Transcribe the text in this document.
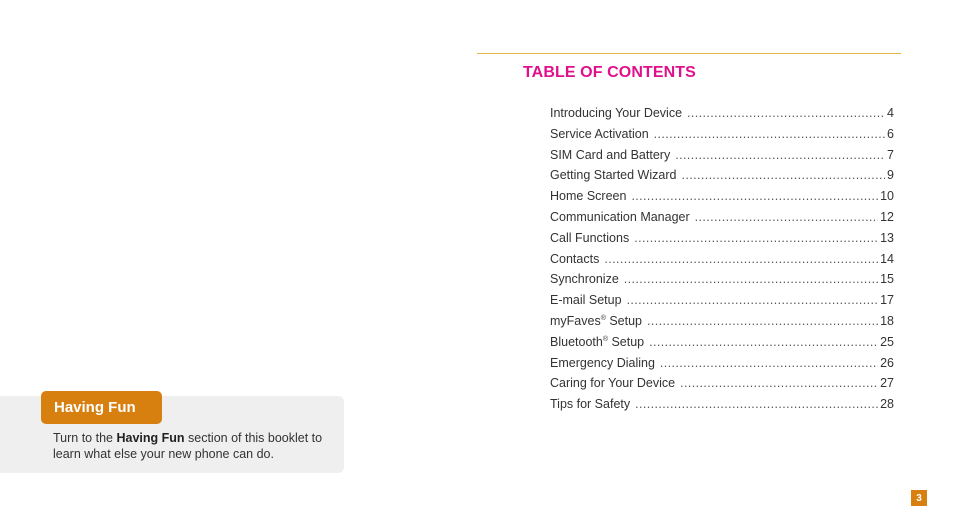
TABLE OF CONTENTS
Introducing Your Device .....	4
Service Activation .....	6
SIM Card and Battery .....	7
Getting Started Wizard .....	9
Home Screen .....	10
Communication Manager .....	12
Call Functions .....	13
Contacts .....	14
Synchronize .....	15
E-mail Setup .....	17
myFaves® Setup .....	18
Bluetooth® Setup .....	25
Emergency Dialing .....	26
Caring for Your Device .....	27
Tips for Safety .....	28
Having Fun
Turn to the Having Fun section of this booklet to learn what else your new phone can do.
3
